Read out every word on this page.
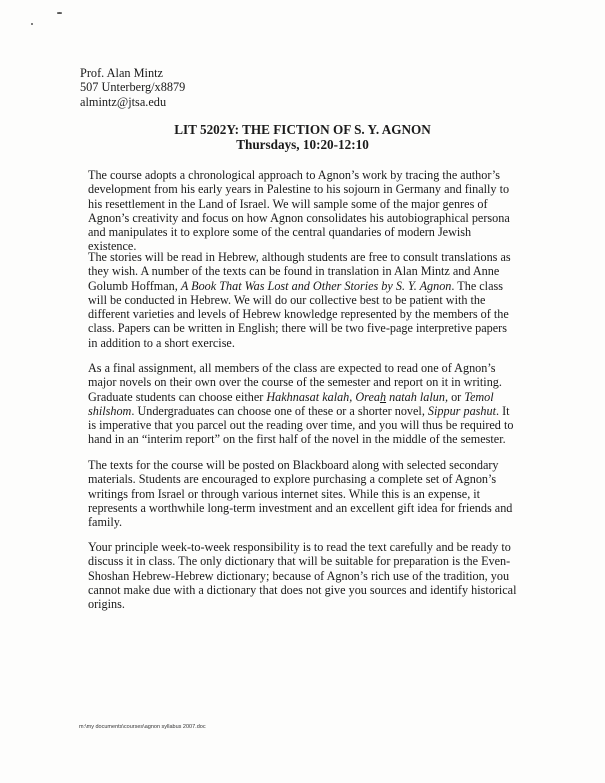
Prof. Alan Mintz
507 Unterberg/x8879
almintz@jtsa.edu
LIT 5202Y: THE FICTION OF S. Y. AGNON
Thursdays, 10:20-12:10

The course adopts a chronological approach to Agnon’s work by tracing the author’s development from his early years in Palestine to his sojourn in Germany and finally to his resettlement in the Land of Israel. We will sample some of the major genres of Agnon’s creativity and focus on how Agnon consolidates his autobiographical persona and manipulates it to explore some of the central quandaries of modern Jewish existence.

The stories will be read in Hebrew, although students are free to consult translations as they wish. A number of the texts can be found in translation in Alan Mintz and Anne Golumb Hoffman, A Book That Was Lost and Other Stories by S. Y. Agnon. The class will be conducted in Hebrew. We will do our collective best to be patient with the different varieties and levels of Hebrew knowledge represented by the members of the class. Papers can be written in English; there will be two five-page interpretive papers in addition to a short exercise.

As a final assignment, all members of the class are expected to read one of Agnon’s major novels on their own over the course of the semester and report on it in writing. Graduate students can choose either Hakhnasat kalah, Oreah natah lalun, or Temol shilshom. Undergraduates can choose one of these or a shorter novel, Sippur pashut. It is imperative that you parcel out the reading over time, and you will thus be required to hand in an “interim report” on the first half of the novel in the middle of the semester.

The texts for the course will be posted on Blackboard along with selected secondary materials. Students are encouraged to explore purchasing a complete set of Agnon’s writings from Israel or through various internet sites. While this is an expense, it represents a worthwhile long-term investment and an excellent gift idea for friends and family.

Your principle week-to-week responsibility is to read the text carefully and be ready to discuss it in class. The only dictionary that will be suitable for preparation is the Even-Shoshan Hebrew-Hebrew dictionary; because of Agnon’s rich use of the tradition, you cannot make due with a dictionary that does not give you sources and identify historical origins.

m:\my documents\courses\agnon syllabus 2007.doc
